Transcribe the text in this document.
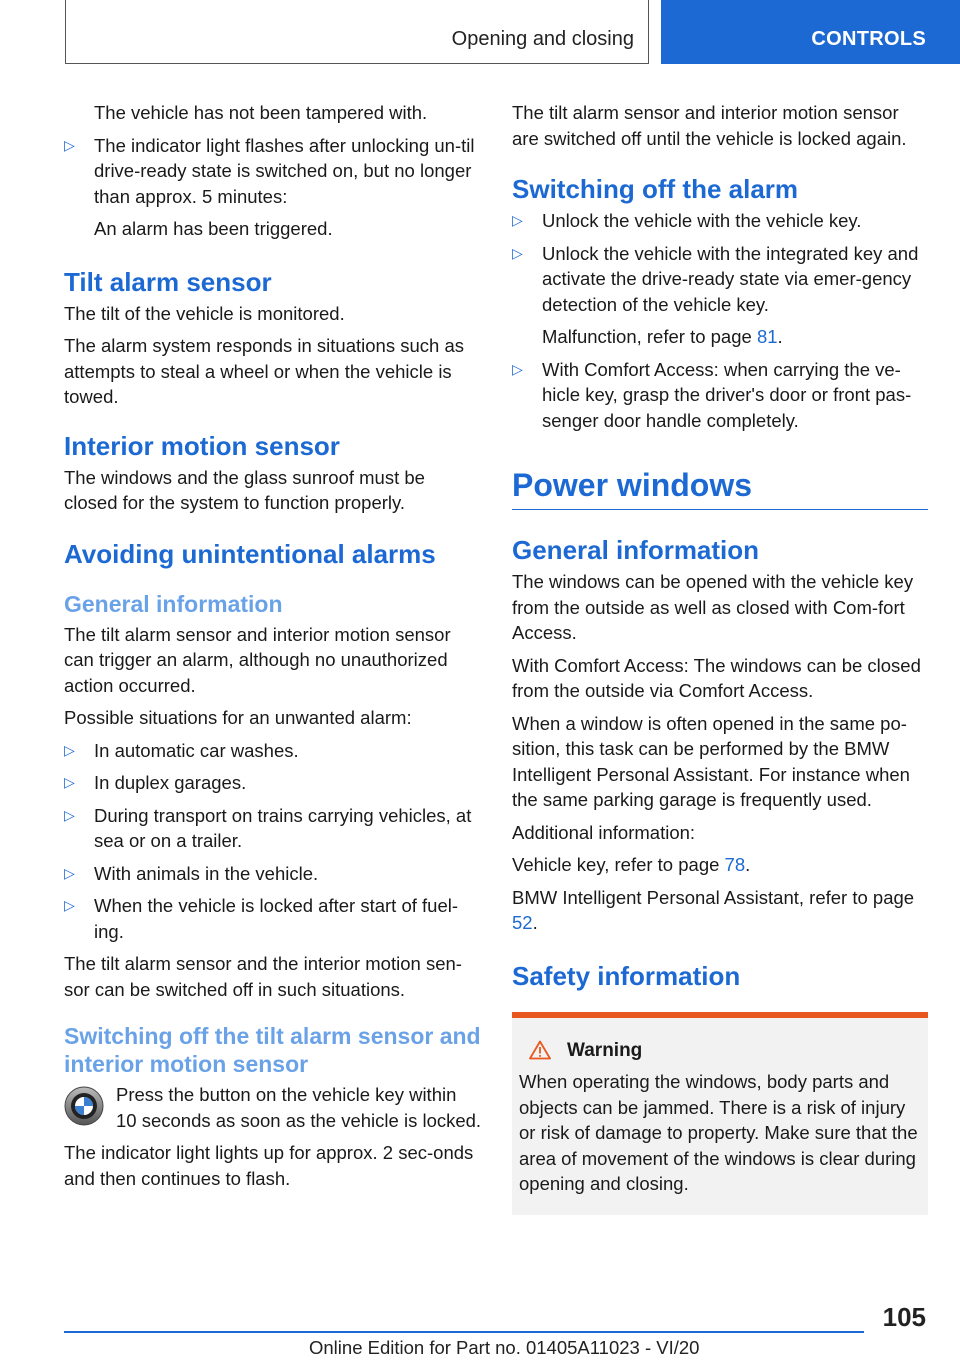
Opening and closing	CONTROLS

The vehicle has not been tampered with.

▷ The indicator light flashes after unlocking un-til drive-ready state is switched on, but no longer than approx. 5 minutes:

An alarm has been triggered.

Tilt alarm sensor

The tilt of the vehicle is monitored.

The alarm system responds in situations such as attempts to steal a wheel or when the vehicle is towed.

Interior motion sensor

The windows and the glass sunroof must be closed for the system to function properly.

Avoiding unintentional alarms
General information

The tilt alarm sensor and interior motion sensor can trigger an alarm, although no unauthorized action occurred.

Possible situations for an unwanted alarm:

▷ In automatic car washes.

▷ In duplex garages.

▷ During transport on trains carrying vehicles, at sea or on a trailer.

▷ With animals in the vehicle.

▷ When the vehicle is locked after start of fuel-ing.

The tilt alarm sensor and the interior motion sen-sor can be switched off in such situations.

Switching off the tilt alarm sensor and interior motion sensor

Press the button on the vehicle key within 10 seconds as soon as the vehicle is locked.

The indicator light lights up for approx. 2 sec-onds and then continues to flash.

The tilt alarm sensor and interior motion sensor are switched off until the vehicle is locked again.

Switching off the alarm
▷ Unlock the vehicle with the vehicle key.

▷ Unlock the vehicle with the integrated key and activate the drive-ready state via emer-gency detection of the vehicle key.

Malfunction, refer to page 81.

▷ With Comfort Access: when carrying the ve-hicle key, grasp the driver's door or front pas-senger door handle completely.

Power windows
General information

The windows can be opened with the vehicle key from the outside as well as closed with Com-fort Access.

With Comfort Access: The windows can be closed from the outside via Comfort Access.

When a window is often opened in the same po-sition, this task can be performed by the BMW Intelligent Personal Assistant. For instance when the same parking garage is frequently used.

Additional information:

Vehicle key, refer to page 78.

BMW Intelligent Personal Assistant, refer to page 52.

Safety information
Warning

When operating the windows, body parts and objects can be jammed. There is a risk of injury or risk of damage to property. Make sure that the area of movement of the windows is clear during opening and closing.

105
Online Edition for Part no. 01405A11023 - VI/20
